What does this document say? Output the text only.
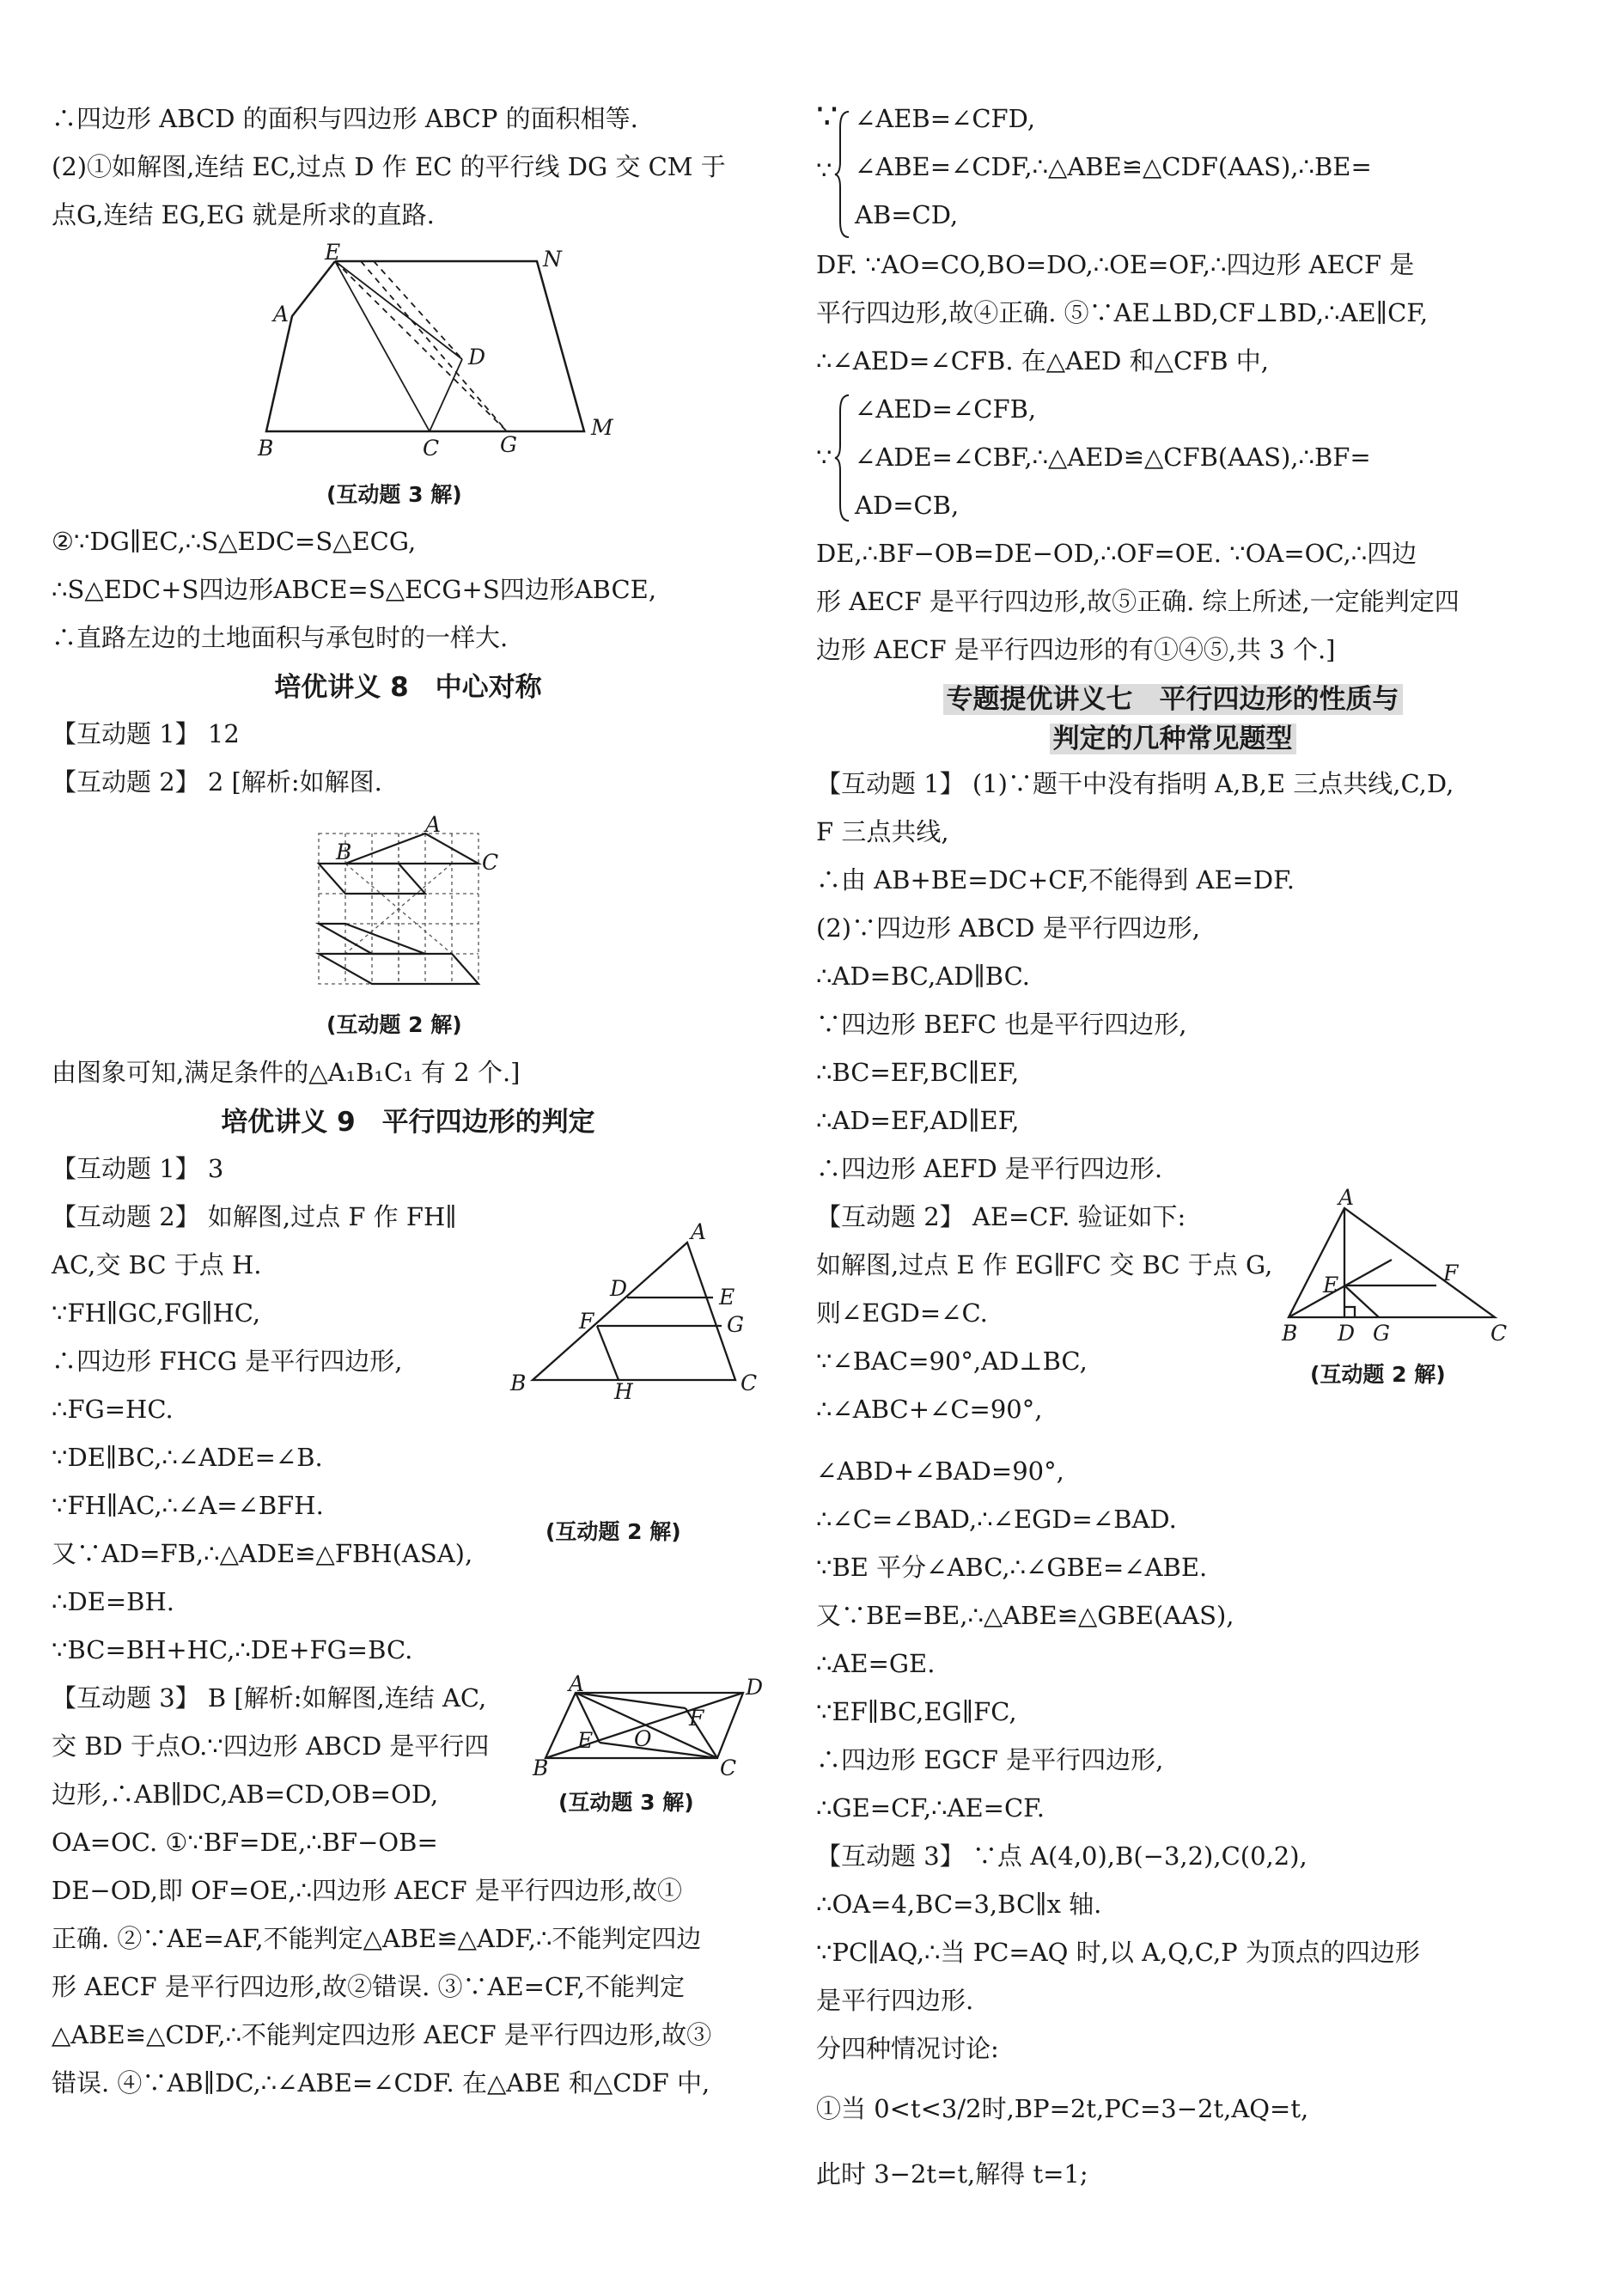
∴四边形 ABCD 的面积与四边形 ABCP 的面积相等.
(2)①如解图,连结 EC,过点 D 作 EC 的平行线 DG 交 CM 于
点G,连结 EG,EG 就是所求的直路.
E	N
A
D
B	C	G
M
(互动题 3 解)
②∵DG∥EC,∴S△EDC=S△ECG,
∴S△EDC+S四边形ABCE=S△ECG+S四边形ABCE,
∴直路左边的土地面积与承包时的一样大.
培优讲义 8　中心对称
【互动题 1】 12
【互动题 2】 2 [解析:如解图.
A
B	C
(互动题 2 解)
由图象可知,满足条件的△A₁B₁C₁ 有 2 个.]
培优讲义 9　平行四边形的判定
【互动题 1】 3
【互动题 2】 如解图,过点 F 作 FH∥
AC,交 BC 于点 H.
∵FH∥GC,FG∥HC,
∴四边形 FHCG 是平行四边形,
∴FG=HC.
∵DE∥BC,∴∠ADE=∠B.
∵FH∥AC,∴∠A=∠BFH.
又∵AD=FB,∴△ADE≌△FBH(ASA),
∴DE=BH.
∵BC=BH+HC,∴DE+FG=BC.
【互动题 3】 B [解析:如解图,连结 AC,
交 BD 于点O.∵四边形 ABCD 是平行四
边形,∴AB∥DC,AB=CD,OB=OD,
OA=OC. ①∵BF=DE,∴BF−OB=
DE−OD,即 OF=OE,∴四边形 AECF 是平行四边形,故①
正确. ②∵AE=AF,不能判定△ABE≌△ADF,∴不能判定四边
形 AECF 是平行四边形,故②错误. ③∵AE=CF,不能判定
△ABE≌△CDF,∴不能判定四边形 AECF 是平行四边形,故③
错误. ④∵AB∥DC,∴∠ABE=∠CDF. 在△ABE 和△CDF 中,
A
D	E
F	G
B	H	C
(互动题 2 解)
A	D
E O
F
B	C
(互动题 3 解)
∵ ∠AEB=∠CFD,
∠ABE=∠CDF,∴△ABE≌△CDF(AAS),∴BE=
AB=CD,
∵
DF. ∵AO=CO,BO=DO,∴OE=OF,∴四边形 AECF 是
平行四边形,故④正确. ⑤∵AE⊥BD,CF⊥BD,∴AE∥CF,
∴∠AED=∠CFB. 在△AED 和△CFB 中,
∠AED=∠CFB,
∠ADE=∠CBF,∴△AED≌△CFB(AAS),∴BF=
AD=CB,
∵
DE,∴BF−OB=DE−OD,∴OF=OE. ∵OA=OC,∴四边
形 AECF 是平行四边形,故⑤正确. 综上所述,一定能判定四
边形 AECF 是平行四边形的有①④⑤,共 3 个.]
专题提优讲义七　平行四边形的性质与
判定的几种常见题型
【互动题 1】 (1)∵题干中没有指明 A,B,E 三点共线,C,D,
F 三点共线,
∴由 AB+BE=DC+CF,不能得到 AE=DF.
(2)∵四边形 ABCD 是平行四边形,
∴AD=BC,AD∥BC.
∵四边形 BEFC 也是平行四边形,
∴BC=EF,BC∥EF,
∴AD=EF,AD∥EF,
∴四边形 AEFD 是平行四边形.
【互动题 2】 AE=CF. 验证如下:
如解图,过点 E 作 EG∥FC 交 BC 于点 G,
则∠EGD=∠C.
∵∠BAC=90°,AD⊥BC,
∴∠ABC+∠C=90°,
∠ABD+∠BAD=90°,
∴∠C=∠BAD,∴∠EGD=∠BAD.
∵BE 平分∠ABC,∴∠GBE=∠ABE.
又∵BE=BE,∴△ABE≌△GBE(AAS),
∴AE=GE.
∵EF∥BC,EG∥FC,
∴四边形 EGCF 是平行四边形,
∴GE=CF,∴AE=CF.
【互动题 3】 ∵点 A(4,0),B(−3,2),C(0,2),
∴OA=4,BC=3,BC∥x 轴.
∵PC∥AQ,∴当 PC=AQ 时,以 A,Q,C,P 为顶点的四边形
是平行四边形.
分四种情况讨论:
①当 0<t<3/2时,BP=2t,PC=3−2t,AQ=t,
此时 3−2t=t,解得 t=1;
A
E	F
B D G	C
(互动题 2 解)
